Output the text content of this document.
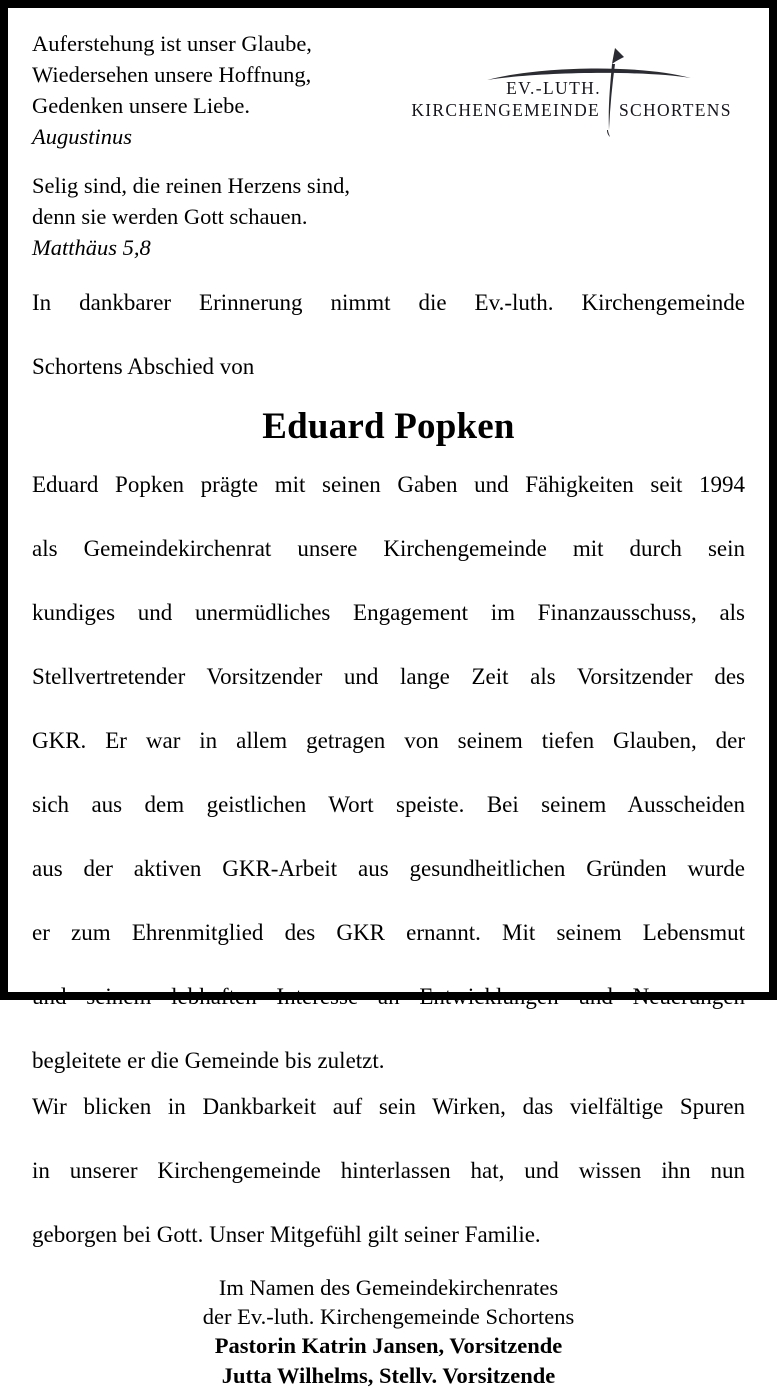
Auferstehung ist unser Glaube, Wiedersehen unsere Hoffnung, Gedenken unsere Liebe.
Augustinus
Selig sind, die reinen Herzens sind, denn sie werden Gott schauen.
Matthäus 5,8
EV.-LUTH.
KIRCHENGEMEINDE SCHORTENS
In dankbarer Erinnerung nimmt die Ev.-luth. Kirchengemeinde
Schortens Abschied von
Eduard Popken
Eduard Popken prägte mit seinen Gaben und Fähigkeiten seit 1994
als Gemeindekirchenrat unsere Kirchengemeinde mit durch sein
kundiges und unermüdliches Engagement im Finanzausschuss, als
Stellvertretender Vorsitzender und lange Zeit als Vorsitzender des
GKR. Er war in allem getragen von seinem tiefen Glauben, der
sich aus dem geistlichen Wort speiste. Bei seinem Ausscheiden
aus der aktiven GKR-Arbeit aus gesundheitlichen Gründen wurde
er zum Ehrenmitglied des GKR ernannt. Mit seinem Lebensmut
und seinem lebhaften Interesse an Entwicklungen und Neuerungen
begleitete er die Gemeinde bis zuletzt.
Wir blicken in Dankbarkeit auf sein Wirken, das vielfältige Spuren
in unserer Kirchengemeinde hinterlassen hat, und wissen ihn nun
geborgen bei Gott. Unser Mitgefühl gilt seiner Familie.
Im Namen des Gemeindekirchenrates
der Ev.-luth. Kirchengemeinde Schortens
Pastorin Katrin Jansen, Vorsitzende
Jutta Wilhelms, Stellv. Vorsitzende
